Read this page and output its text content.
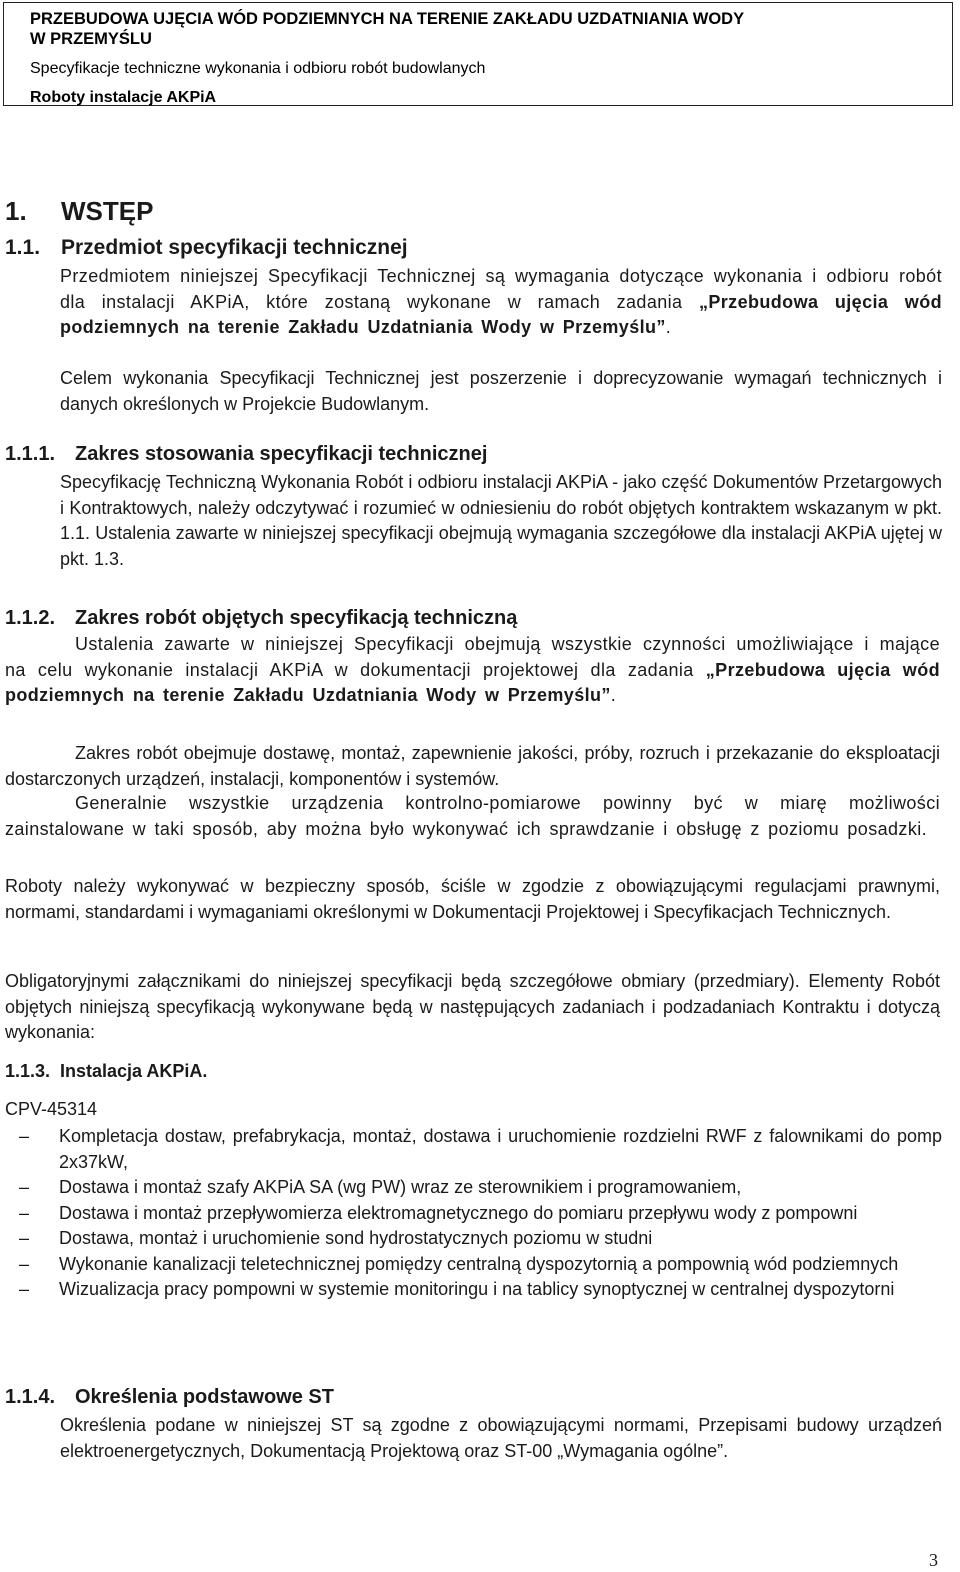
PRZEBUDOWA UJĘCIA WÓD PODZIEMNYCH NA TERENIE ZAKŁADU UZDATNIANIA WODY
W PRZEMYŚLU
Specyfikacje techniczne wykonania i odbioru robót budowlanych
Roboty instalacje AKPiA
1. WSTĘP
1.1. Przedmiot specyfikacji technicznej
Przedmiotem niniejszej Specyfikacji Technicznej są wymagania dotyczące wykonania i odbioru robót dla instalacji AKPiA, które zostaną wykonane w ramach zadania „Przebudowa ujęcia wód podziemnych na terenie Zakładu Uzdatniania Wody w Przemyślu”.
Celem wykonania Specyfikacji Technicznej jest poszerzenie i doprecyzowanie wymagań technicznych i danych określonych w Projekcie Budowlanym.
1.1.1. Zakres stosowania specyfikacji technicznej
Specyfikację Techniczną Wykonania Robót i odbioru instalacji AKPiA - jako część Dokumentów Przetargowych i Kontraktowych, należy odczytywać i rozumieć w odniesieniu do robót objętych kontraktem wskazanym w pkt. 1.1. Ustalenia zawarte w niniejszej specyfikacji obejmują wymagania szczegółowe dla instalacji AKPiA ujętej w pkt. 1.3.
1.1.2. Zakres robót objętych specyfikacją techniczną
Ustalenia zawarte w niniejszej Specyfikacji obejmują wszystkie czynności umożliwiające i mające na celu wykonanie instalacji AKPiA w dokumentacji projektowej dla zadania „Przebudowa ujęcia wód podziemnych na terenie Zakładu Uzdatniania Wody w Przemyślu”.
Zakres robót obejmuje dostawę, montaż, zapewnienie jakości, próby, rozruch i przekazanie do eksploatacji dostarczonych urządzeń, instalacji, komponentów i systemów.
Generalnie wszystkie urządzenia kontrolno-pomiarowe powinny być w miarę możliwości zainstalowane w taki sposób, aby można było wykonywać ich sprawdzanie i obsługę z poziomu posadzki.
Roboty należy wykonywać w bezpieczny sposób, ściśle w zgodzie z obowiązującymi regulacjami prawnymi, normami, standardami i wymaganiami określonymi w Dokumentacji Projektowej i Specyfikacjach Technicznych.
Obligatoryjnymi załącznikami do niniejszej specyfikacji będą szczegółowe obmiary (przedmiary). Elementy Robót objętych niniejszą specyfikacją wykonywane będą w następujących zadaniach i podzadaniach Kontraktu i dotyczą wykonania:
1.1.3. Instalacja AKPiA.
CPV-45314
– Kompletacja dostaw, prefabrykacja, montaż, dostawa i uruchomienie rozdzielni RWF z falownikami do pomp 2x37kW,
– Dostawa i montaż szafy AKPiA SA (wg PW) wraz ze sterownikiem i programowaniem,
– Dostawa i montaż przepływomierza elektromagnetycznego do pomiaru przepływu wody z pompowni
– Dostawa, montaż i uruchomienie sond hydrostatycznych poziomu w studni
– Wykonanie kanalizacji teletechnicznej pomiędzy centralną dyspozytornią a pompownią wód podziemnych
– Wizualizacja pracy pompowni w systemie monitoringu i na tablicy synoptycznej w centralnej dyspozytorni
1.1.4. Określenia podstawowe ST
Określenia podane w niniejszej ST są zgodne z obowiązującymi normami, Przepisami budowy urządzeń elektroenergetycznych, Dokumentacją Projektową oraz ST-00 „Wymagania ogólne”.
3
